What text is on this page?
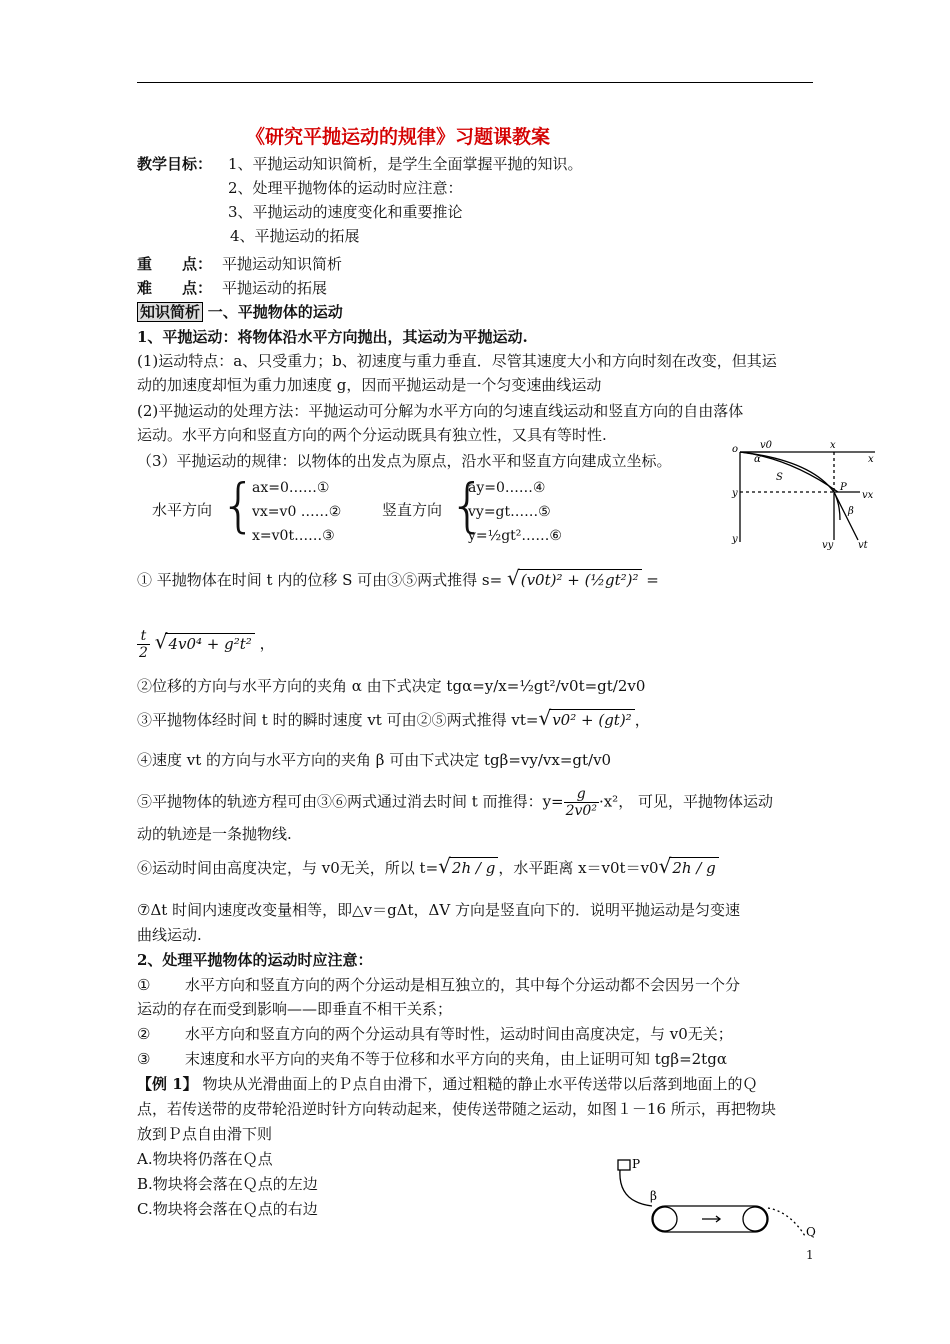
《研究平抛运动的规律》习题课教案
教学目标： 1、平抛运动知识简析，是学生全面掌握平抛的知识。
2、处理平抛物体的运动时应注意：
3、平抛运动的速度变化和重要推论
4、平抛运动的拓展
重　　点： 平抛运动知识简析
难　　点： 平抛运动的拓展
知识简析 一、平抛物体的运动
1、平抛运动：将物体沿水平方向抛出，其运动为平抛运动.
(1)运动特点：a、只受重力；b、初速度与重力垂直．尽管其速度大小和方向时刻在改变，但其运
动的加速度却恒为重力加速度 g，因而平抛运动是一个匀变速曲线运动
(2)平抛运动的处理方法：平抛运动可分解为水平方向的匀速直线运动和竖直方向的自由落体
运动。水平方向和竖直方向的两个分运动既具有独立性，又具有等时性.
（3）平抛运动的规律：以物体的出发点为原点，沿水平和竖直方向建成立坐标。
水平方向 {
ax=0……①
vx=v0 ……②
x=v0t……③
竖直方向 {
ay=0……④
vy=gt……⑤
y=½gt²……⑥
o v0	x
x
y
y
S
α
P
vx
β
vy vt
① 平抛物体在时间 t 内的位移 S 可由③⑤两式推得 s= √(v0t)² + (½gt²)² =
$\frac{t}{2} √4v0^4 + g^2t^2$ ，
②位移的方向与水平方向的夹角 α 由下式决定 tgα=y/x=½gt²/v0t=gt/2v0
③平抛物体经时间 t 时的瞬时速度 vt 可由②⑤两式推得 vt=√v0² + (gt)² ，
④速度 vt 的方向与水平方向的夹角 β 可由下式决定 tgβ=vy/vx=gt/v0
⑤平抛物体的轨迹方程可由③⑥两式通过消去时间 t 而推得：$y= \frac{g}{\text{2v0²}} \cdot x^2$， 可见，平抛物体运动
动的轨迹是一条抛物线.
⑥运动时间由高度决定，与 v0无关，所以 t=√2h / g ，水平距离 x＝v0t＝v0√2h / g
⑦Δt 时间内速度改变量相等，即△v＝gΔt，ΔV 方向是竖直向下的．说明平抛运动是匀变速
曲线运动.
2、处理平抛物体的运动时应注意：
① 水平方向和竖直方向的两个分运动是相互独立的，其中每个分运动都不会因另一个分
运动的存在而受到影响——即垂直不相干关系；
② 水平方向和竖直方向的两个分运动具有等时性，运动时间由高度决定，与 v0无关；
③ 末速度和水平方向的夹角不等于位移和水平方向的夹角，由上证明可知 tgβ=2tgα
【例 1】 物块从光滑曲面上的Ｐ点自由滑下，通过粗糙的静止水平传送带以后落到地面上的Ｑ
点，若传送带的皮带轮沿逆时针方向转动起来，使传送带随之运动，如图１－16 所示，再把物块
放到Ｐ点自由滑下则
A.物块将仍落在Ｑ点
B.物块将会落在Ｑ点的左边
C.物块将会落在Ｑ点的右边
P
β
Q
1
